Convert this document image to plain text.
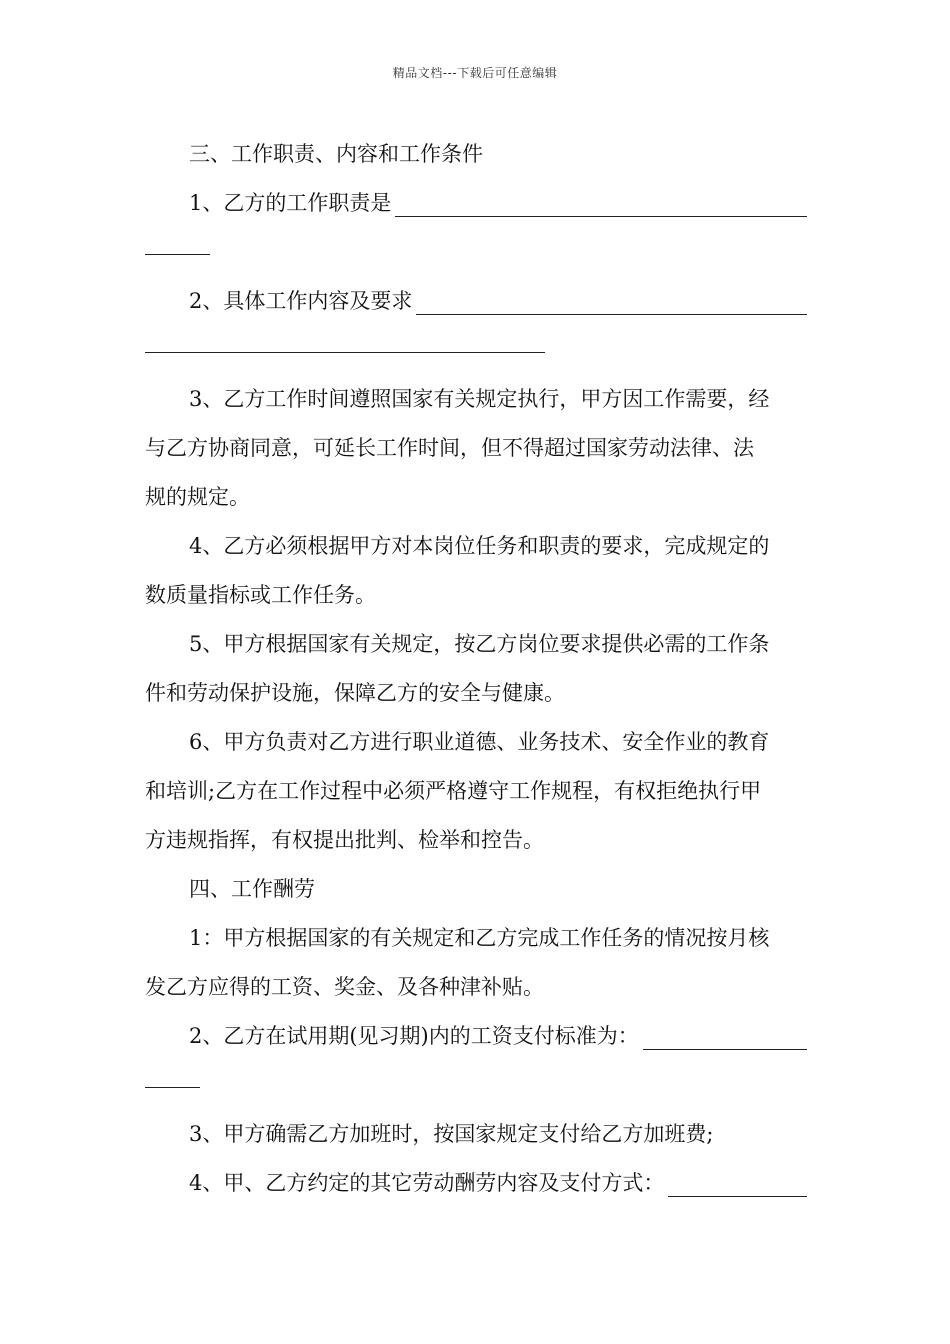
精品文档---下载后可任意编辑
三、工作职责、内容和工作条件
1、乙方的工作职责是
2、具体工作内容及要求
3、乙方工作时间遵照国家有关规定执行，甲方因工作需要，经
与乙方协商同意，可延长工作时间，但不得超过国家劳动法律、法
规的规定。
4、乙方必须根据甲方对本岗位任务和职责的要求，完成规定的
数质量指标或工作任务。
5、甲方根据国家有关规定，按乙方岗位要求提供必需的工作条
件和劳动保护设施，保障乙方的安全与健康。
6、甲方负责对乙方进行职业道德、业务技术、安全作业的教育
和培训;乙方在工作过程中必须严格遵守工作规程，有权拒绝执行甲
方违规指挥，有权提出批判、检举和控告。
四、工作酬劳
1：甲方根据国家的有关规定和乙方完成工作任务的情况按月核
发乙方应得的工资、奖金、及各种津补贴。
2、乙方在试用期(见习期)内的工资支付标准为：
3、甲方确需乙方加班时，按国家规定支付给乙方加班费;
4、甲、乙方约定的其它劳动酬劳内容及支付方式：
